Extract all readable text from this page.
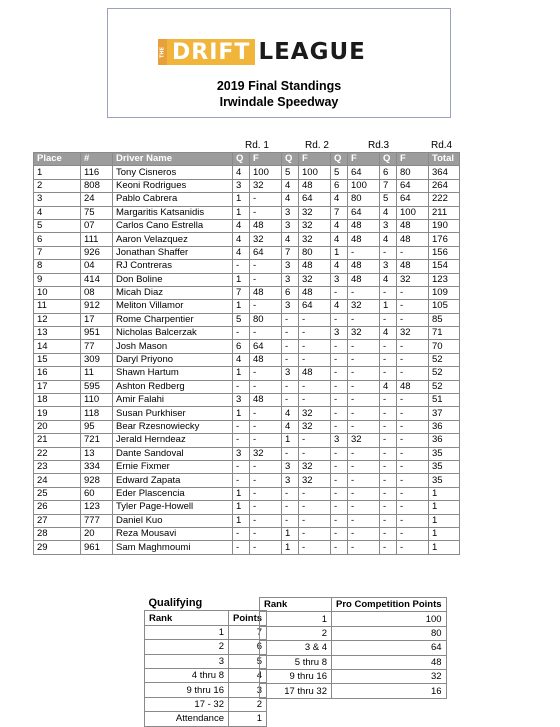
THE DRIFT LEAGUE
2019 Final Standings
Irwindale Speedway
Rd. 1	Rd. 2	Rd.3	Rd.4
Place	#	Driver Name	Q	F	Q	F	Q	F	Q	F	Total
1	116	Tony Cisneros	4	100	5	100	5	64	6	80	364
2	808	Keoni Rodrigues	3	32	4	48	6	100	7	64	264
3	24	Pablo Cabrera	1	-	4	64	4	80	5	64	222
4	75	Margaritis Katsanidis	1	-	3	32	7	64	4	100	211
5	07	Carlos Cano Estrella	4	48	3	32	4	48	3	48	190
6	111	Aaron Velazquez	4	32	4	32	4	48	4	48	176
7	926	Jonathan Shaffer	4	64	7	80	1	-	-	-	156
8	04	RJ Contreras	-	-	3	48	4	48	3	48	154
9	414	Don Boline	1	-	3	32	3	48	4	32	123
10	08	Micah Diaz	7	48	6	48	-	-	-	-	109
11	912	Meliton Villamor	1	-	3	64	4	32	1	-	105
12	17	Rome Charpentier	5	80	-	-	-	-	-	-	85
13	951	Nicholas Balcerzak	-	-	-	-	3	32	4	32	71
14	77	Josh Mason	6	64	-	-	-	-	-	-	70
15	309	Daryl Priyono	4	48	-	-	-	-	-	-	52
16	11	Shawn Hartum	1	-	3	48	-	-	-	-	52
17	595	Ashton Redberg	-	-	-	-	-	-	4	48	52
18	110	Amir Falahi	3	48	-	-	-	-	-	-	51
19	118	Susan Purkhiser	1	-	4	32	-	-	-	-	37
20	95	Bear Rzesnowiecky	-	-	4	32	-	-	-	-	36
21	721	Jerald Herndeaz	-	-	1	-	3	32	-	-	36
22	13	Dante Sandoval	3	32	-	-	-	-	-	-	35
23	334	Ernie Fixmer	-	-	3	32	-	-	-	-	35
24	928	Edward Zapata	-	-	3	32	-	-	-	-	35
25	60	Eder Plascencia	1	-	-	-	-	-	-	-	1
26	123	Tyler Page-Howell	1	-	-	-	-	-	-	-	1
27	777	Daniel Kuo	1	-	-	-	-	-	-	-	1
28	20	Reza Mousavi	-	-	1	-	-	-	-	-	1
29	961	Sam Maghmoumi	-	-	1	-	-	-	-	-	1
Qualifying	
Rank	Points
1	7
2	6
3	5
4 thru 8	4
9 thru 16	3
17 - 32	2
Attendance	1
Rank	Pro Competition Points
1	100
2	80
3 & 4	64
5 thru 8	48
9 thru 16	32
17 thru 32	16
